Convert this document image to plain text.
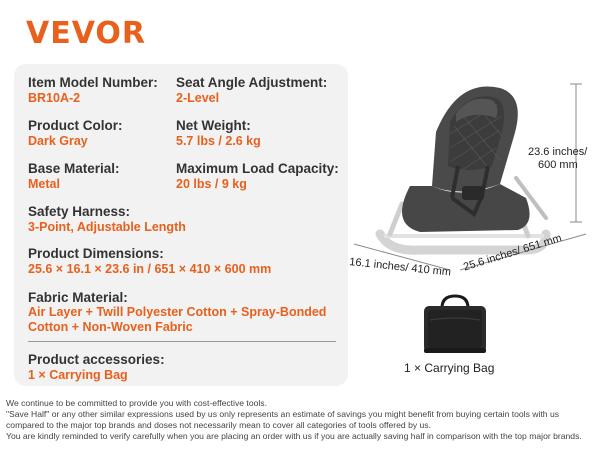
VEVOR
Item Model Number:
BR10A-2
Seat Angle Adjustment:
2-Level
Product Color:
Dark Gray
Net Weight:
5.7 lbs / 2.6 kg
Base Material:
Metal
Maximum Load Capacity:
20 lbs / 9 kg
Safety Harness:
3-Point, Adjustable Length
Product Dimensions:
25.6 × 16.1 × 23.6 in / 651 × 410 × 600 mm
Fabric Material:
Air Layer + Twill Polyester Cotton + Spray-Bonded
Cotton + Non-Woven Fabric
Product accessories:
1 × Carrying Bag
23.6 inches/
600 mm
16.1 inches/ 410 mm 25.6 inches/ 651 mm
1 × Carrying Bag
We continue to be committed to provide you with cost-effective tools.
"Save Half" or any other similar expressions used by us only represents an estimate of savings you might benefit from buying certain tools with us
compared to the major top brands and doses not necessarily mean to cover all categories of tools offered by us.
You are kindly reminded to verify carefully when you are placing an order with us if you are actually saving half in comparison with the top major brands.
